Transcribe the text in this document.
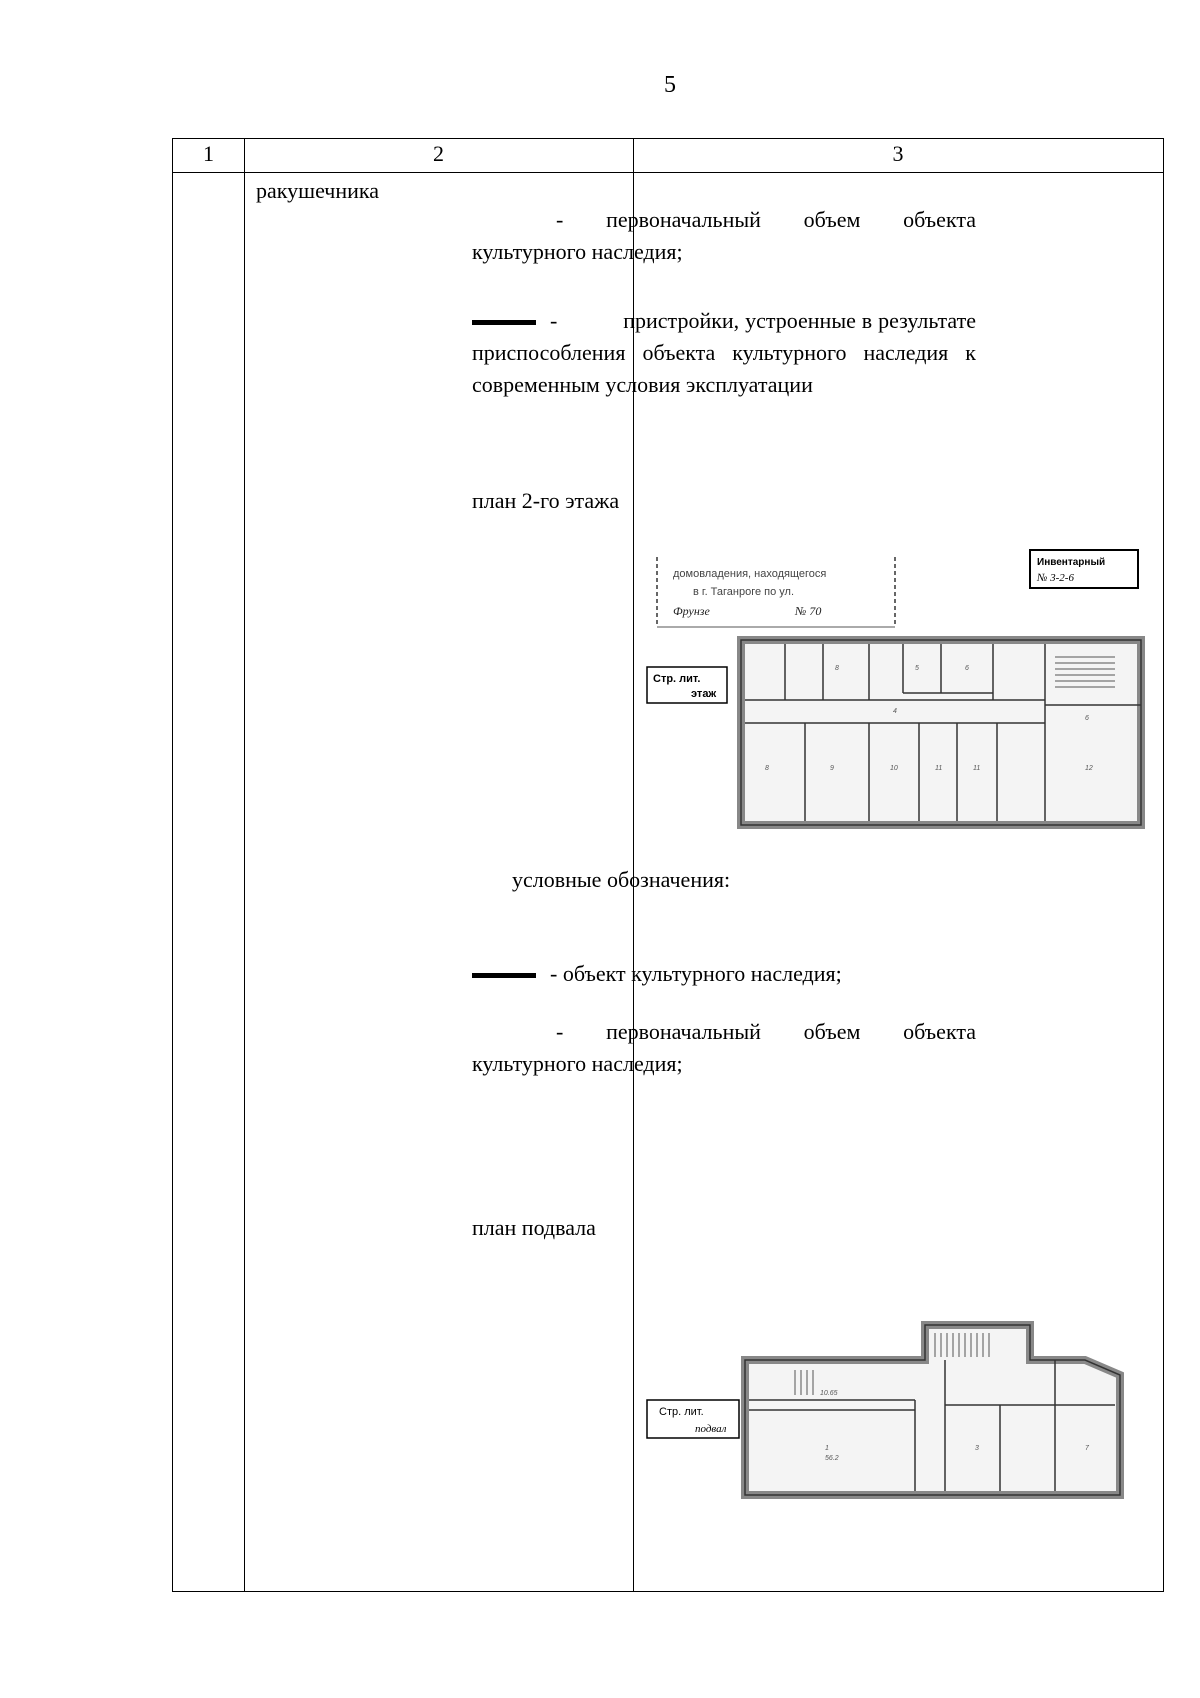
5
1	2	3
ракушечника
- первоначальный объем объекта культурного наследия;
-	пристройки, устроенные в результате приспособления объекта культурного наследия к современным условия эксплуатации
план 2-го этажа
домовладения, находящегося
в г. Таганроге по ул.
Фрунзе	№ 70
Инвентарный
№ 3-2-6
Стр. лит.
этаж
8	5	6
8	9	10	11	11	12
6
4
условные обозначения:
- объект культурного наследия;
- первоначальный объем объекта культурного наследия;
план подвала
Стр. лит.
подвал
1
56.2
10.65
3	7
